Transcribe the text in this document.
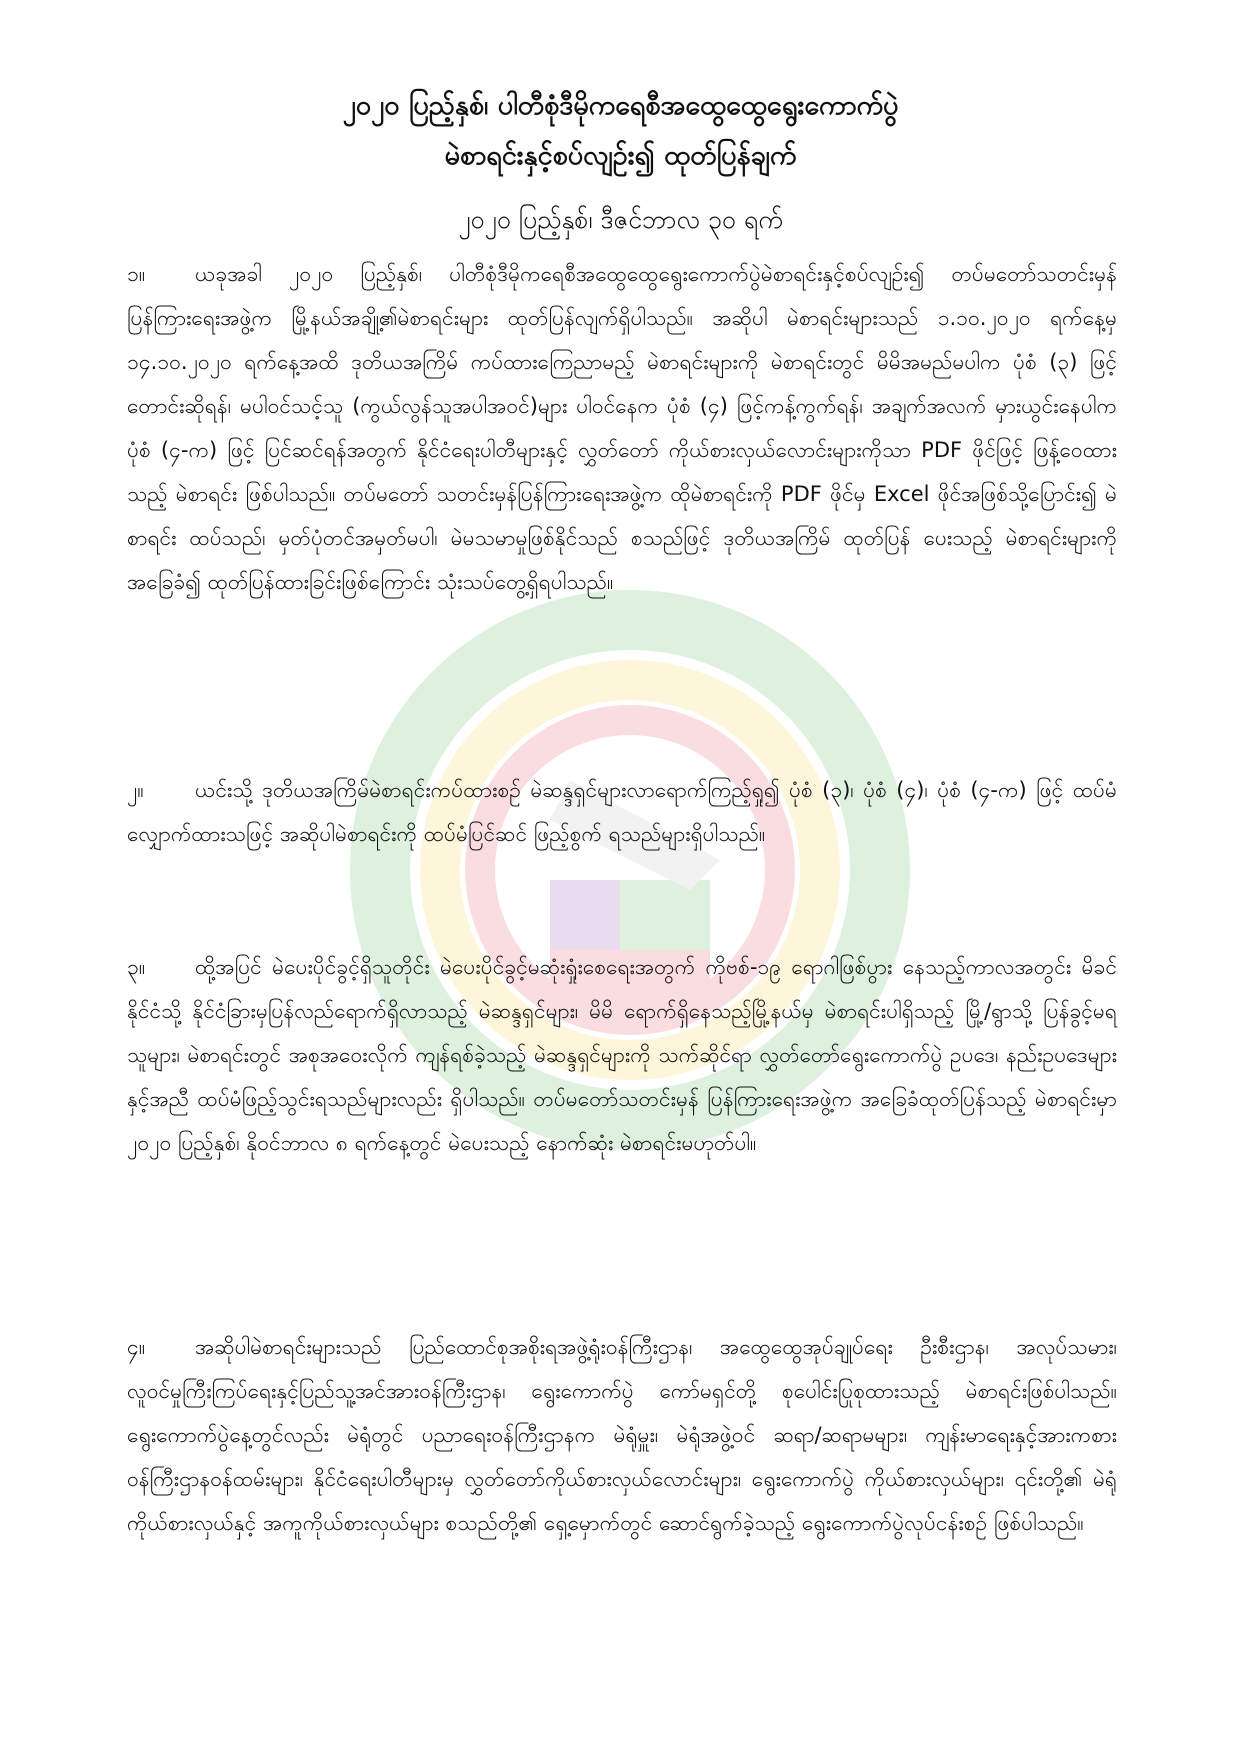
၂၀၂၀ ပြည့်နှစ်၊ ပါတီစုံဒီမိုကရေစီအထွေထွေရွေးကောက်ပွဲ
မဲစာရင်းနှင့်စပ်လျဉ်း၍ ထုတ်ပြန်ချက်
၂၀၂၀ ပြည့်နှစ်၊ ဒီဇင်ဘာလ ၃၀ ရက်
၁။ ယခုအခါ ၂၀၂၀ ပြည့်နှစ်၊ ပါတီစုံဒီမိုကရေစီအထွေထွေရွေးကောက်ပွဲမဲစာရင်းနှင့်စပ်လျဉ်း၍ တပ်မတော်သတင်းမှန်ပြန်ကြားရေးအဖွဲ့က မြို့နယ်အချို့၏မဲစာရင်းများ ထုတ်ပြန်လျက်ရှိပါသည်။ အဆိုပါ မဲစာရင်းများသည် ၁.၁၀.၂၀၂၀ ရက်နေ့မှ ၁၄.၁၀.၂၀၂၀ ရက်နေ့အထိ ဒုတိယအကြိမ် ကပ်ထားကြေညာမည့် မဲစာရင်းများကို မဲစာရင်းတွင် မိမိအမည်မပါက ပုံစံ (၃) ဖြင့် တောင်းဆိုရန်၊ မပါဝင်သင့်သူ (ကွယ်လွန်သူအပါအဝင်)များ ပါဝင်နေက ပုံစံ (၄) ဖြင့်ကန့်ကွက်ရန်၊ အချက်အလက် မှားယွင်းနေပါက ပုံစံ (၄-က) ဖြင့် ပြင်ဆင်ရန်အတွက် နိုင်ငံရေးပါတီများနှင့် လွှတ်တော် ကိုယ်စားလှယ်လောင်းများကိုသာ PDF ဖိုင်ဖြင့် ဖြန့်ဝေထားသည့် မဲစာရင်း ဖြစ်ပါသည်။ တပ်မတော် သတင်းမှန်ပြန်ကြားရေးအဖွဲ့က ထိုမဲစာရင်းကို PDF ဖိုင်မှ Excel ဖိုင်အဖြစ်သို့ပြောင်း၍ မဲစာရင်း ထပ်သည်၊ မှတ်ပုံတင်အမှတ်မပါ၊ မဲမသမာမှုဖြစ်နိုင်သည် စသည်ဖြင့် ဒုတိယအကြိမ် ထုတ်ပြန် ပေးသည့် မဲစာရင်းများကိုအခြေခံ၍ ထုတ်ပြန်ထားခြင်းဖြစ်ကြောင်း သုံးသပ်တွေ့ရှိရပါသည်။
၂။ ယင်းသို့ ဒုတိယအကြိမ်မဲစာရင်းကပ်ထားစဉ် မဲဆန္ဒရှင်များလာရောက်ကြည့်ရှု၍ ပုံစံ (၃)၊ ပုံစံ (၄)၊ ပုံစံ (၄-က) ဖြင့် ထပ်မံလျှောက်ထားသဖြင့် အဆိုပါမဲစာရင်းကို ထပ်မံပြင်ဆင် ဖြည့်စွက် ရသည်များရှိပါသည်။
၃။ ထို့အပြင် မဲပေးပိုင်ခွင့်ရှိသူတိုင်း မဲပေးပိုင်ခွင့်မဆုံးရှုံးစေရေးအတွက် ကိုဗစ်-၁၉ ရောဂါဖြစ်ပွား နေသည့်ကာလအတွင်း မိခင်နိုင်ငံသို့ နိုင်ငံခြားမှပြန်လည်ရောက်ရှိလာသည့် မဲဆန္ဒရှင်များ၊ မိမိ ရောက်ရှိနေသည့်မြို့နယ်မှ မဲစာရင်းပါရှိသည့် မြို့/ရွာသို့ ပြန်ခွင့်မရသူများ၊ မဲစာရင်းတွင် အစုအဝေးလိုက် ကျန်ရစ်ခဲ့သည့် မဲဆန္ဒရှင်များကို သက်ဆိုင်ရာ လွှတ်တော်ရွေးကောက်ပွဲ ဥပဒေ၊ နည်းဥပဒေများနှင့်အညီ ထပ်မံဖြည့်သွင်းရသည်များလည်း ရှိပါသည်။ တပ်မတော်သတင်းမှန် ပြန်ကြားရေးအဖွဲ့က အခြေခံထုတ်ပြန်သည့် မဲစာရင်းမှာ ၂၀၂၀ ပြည့်နှစ်၊ နိုဝင်ဘာလ ၈ ရက်နေ့တွင် မဲပေးသည့် နောက်ဆုံး မဲစာရင်းမဟုတ်ပါ။
၄။ အဆိုပါမဲစာရင်းများသည် ပြည်ထောင်စုအစိုးရအဖွဲ့ရုံးဝန်ကြီးဌာန၊ အထွေထွေအုပ်ချုပ်ရေး ဦးစီးဌာန၊ အလုပ်သမား၊ လူဝင်မှုကြီးကြပ်ရေးနှင့်ပြည်သူ့အင်အားဝန်ကြီးဌာန၊ ရွေးကောက်ပွဲ ကော်မရှင်တို့ စုပေါင်းပြုစုထားသည့် မဲစာရင်းဖြစ်ပါသည်။ ရွေးကောက်ပွဲနေ့တွင်လည်း မဲရုံတွင် ပညာရေးဝန်ကြီးဌာနက မဲရုံမှူး၊ မဲရုံအဖွဲ့ဝင် ဆရာ/ဆရာမများ၊ ကျန်းမာရေးနှင့်အားကစား ဝန်ကြီးဌာနဝန်ထမ်းများ၊ နိုင်ငံရေးပါတီများမှ လွှတ်တော်ကိုယ်စားလှယ်လောင်းများ၊ ရွေးကောက်ပွဲ ကိုယ်စားလှယ်များ၊ ၎င်းတို့၏ မဲရုံကိုယ်စားလှယ်နှင့် အကူကိုယ်စားလှယ်များ စသည်တို့၏ ရှေ့မှောက်တွင် ဆောင်ရွက်ခဲ့သည့် ရွေးကောက်ပွဲလုပ်ငန်းစဉ် ဖြစ်ပါသည်။
